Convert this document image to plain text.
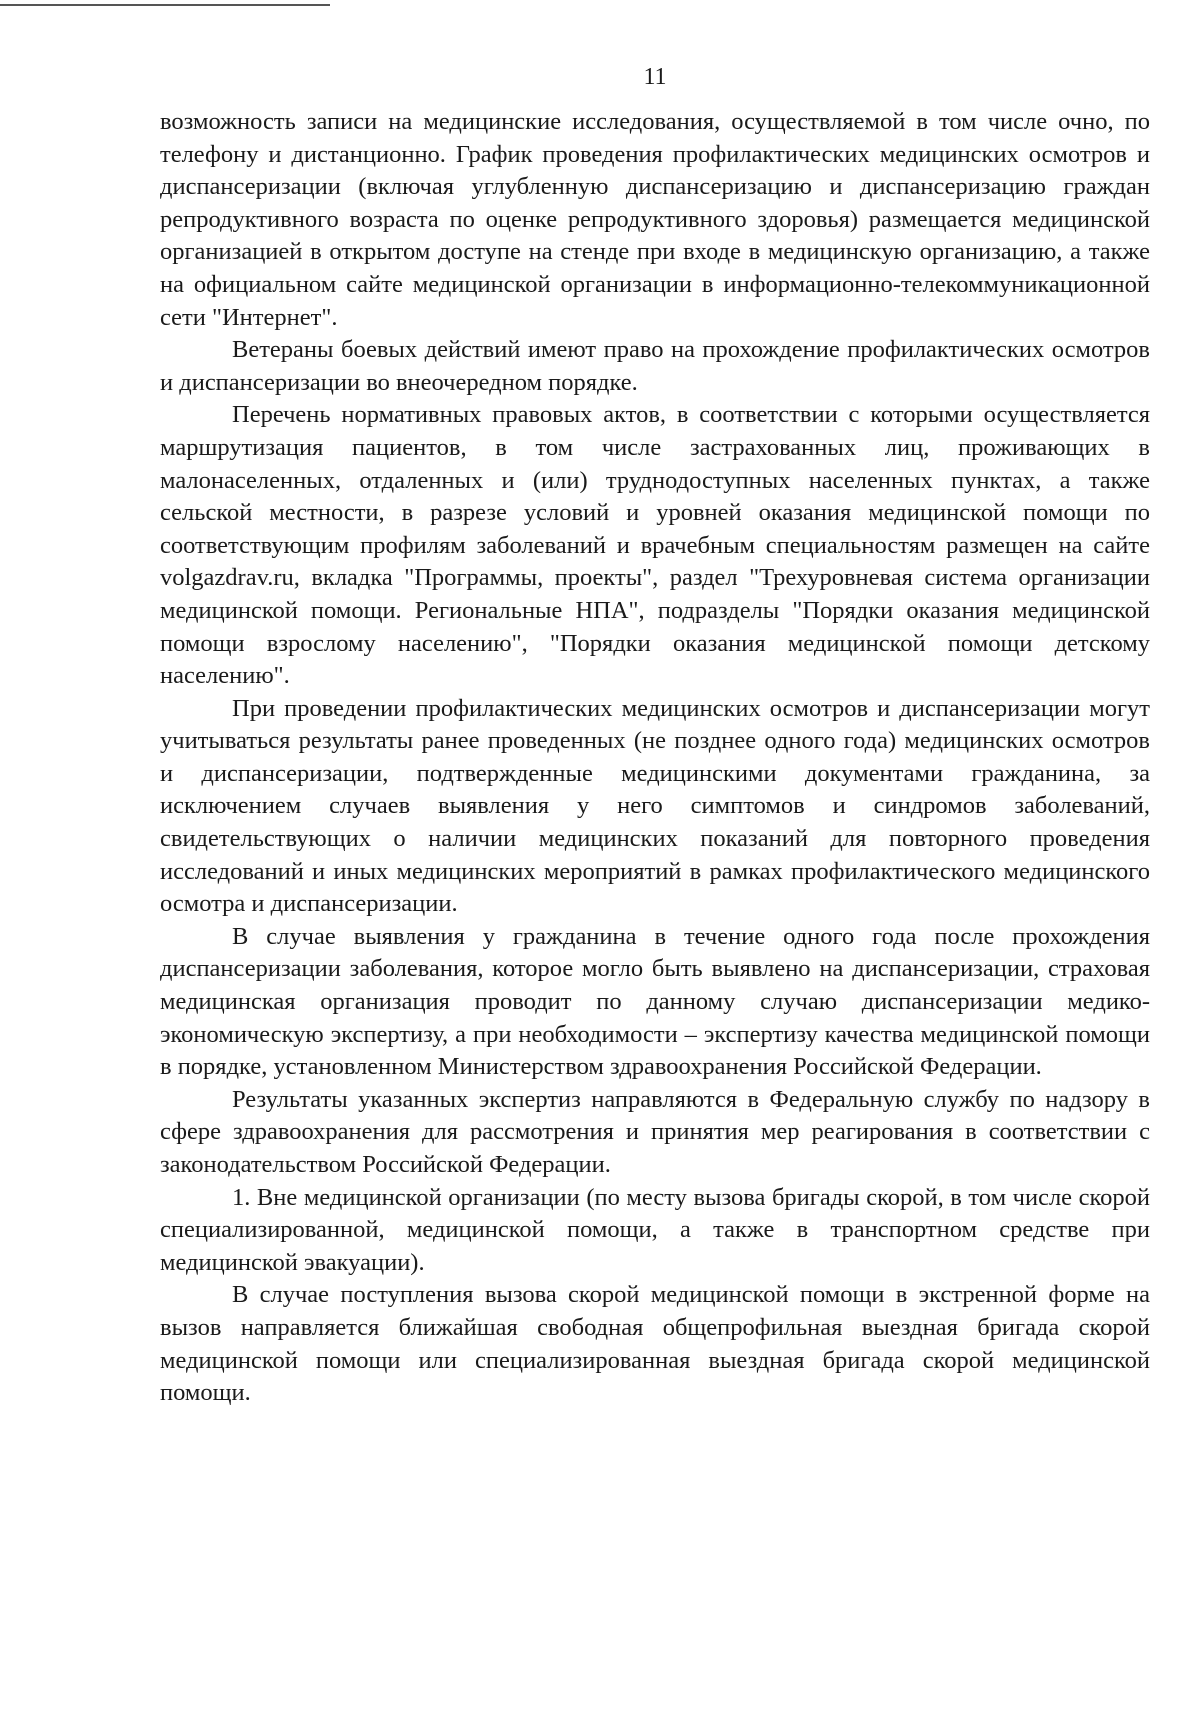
11

возможность записи на медицинские исследования, осуществляемой в том числе очно, по телефону и дистанционно. График проведения профилактических медицинских осмотров и диспансеризации (включая углубленную диспансеризацию и диспансеризацию граждан репродуктивного возраста по оценке репродуктивного здоровья) размещается медицинской организацией в открытом доступе на стенде при входе в медицинскую организацию, а также на официальном сайте медицинской организации в информационно-телекоммуникационной сети "Интернет".

Ветераны боевых действий имеют право на прохождение профилактических осмотров и диспансеризации во внеочередном порядке.

Перечень нормативных правовых актов, в соответствии с которыми осуществляется маршрутизация пациентов, в том числе застрахованных лиц, проживающих в малонаселенных, отдаленных и (или) труднодоступных населенных пунктах, а также сельской местности, в разрезе условий и уровней оказания медицинской помощи по соответствующим профилям заболеваний и врачебным специальностям размещен на сайте volgazdrav.ru, вкладка "Программы, проекты", раздел "Трехуровневая система организации медицинской помощи. Региональные НПА", подразделы "Порядки оказания медицинской помощи взрослому населению", "Порядки оказания медицинской помощи детскому населению".

При проведении профилактических медицинских осмотров и диспансеризации могут учитываться результаты ранее проведенных (не позднее одного года) медицинских осмотров и диспансеризации, подтвержденные медицинскими документами гражданина, за исключением случаев выявления у него симптомов и синдромов заболеваний, свидетельствующих о наличии медицинских показаний для повторного проведения исследований и иных медицинских мероприятий в рамках профилактического медицинского осмотра и диспансеризации.

В случае выявления у гражданина в течение одного года после прохождения диспансеризации заболевания, которое могло быть выявлено на диспансеризации, страховая медицинская организация проводит по данному случаю диспансеризации медико-экономическую экспертизу, а при необходимости – экспертизу качества медицинской помощи в порядке, установленном Министерством здравоохранения Российской Федерации.

Результаты указанных экспертиз направляются в Федеральную службу по надзору в сфере здравоохранения для рассмотрения и принятия мер реагирования в соответствии с законодательством Российской Федерации.

1. Вне медицинской организации (по месту вызова бригады скорой, в том числе скорой специализированной, медицинской помощи, а также в транспортном средстве при медицинской эвакуации).

В случае поступления вызова скорой медицинской помощи в экстренной форме на вызов направляется ближайшая свободная общепрофильная выездная бригада скорой медицинской помощи или специализированная выездная бригада скорой медицинской помощи.
